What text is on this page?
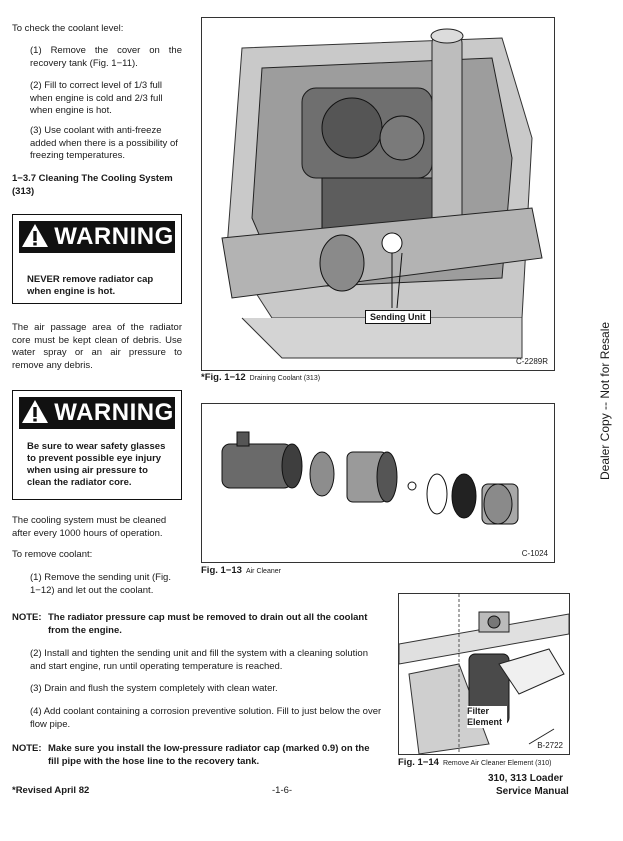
To check the coolant level:
(1) Remove the cover on the recovery tank (Fig. 1−11).
(2) Fill to correct level of 1/3 full when engine is cold and 2/3 full when engine is hot.
(3) Use coolant with anti-freeze added when there is a possibility of freezing temperatures.
1−3.7 Cleaning The Cooling System (313)
WARNING
NEVER remove radiator cap when engine is hot.
The air passage area of the radiator core must be kept clean of debris. Use water spray or an air pressure to remove any debris.
WARNING
Be sure to wear safety glasses to prevent possible eye injury when using air pressure to clean the radiator core.
The cooling system must be cleaned after every 1000 hours of operation.
To remove coolant:
(1) Remove the sending unit (Fig. 1−12) and let out the coolant.
Sending Unit
C-2289R
*Fig. 1−12 Draining Coolant (313)
C-1024
Fig. 1−13 Air Cleaner
Filter Element
B-2722
Fig. 1−14 Remove Air Cleaner Element (310)
NOTE: The radiator pressure cap must be removed to drain out all the coolant from the engine.
(2) Install and tighten the sending unit and fill the system with a cleaning solution and start engine, run until operating temperature is reached.
(3) Drain and flush the system completely with clean water.
(4) Add coolant containing a corrosion preventive solution. Fill to just below the over flow pipe.
NOTE: Make sure you install the low-pressure radiator cap (marked 0.9) on the fill pipe with the hose line to the recovery tank.
*Revised April 82	-1-6-
310, 313 Loader
Service Manual
Dealer Copy -- Not for Resale
